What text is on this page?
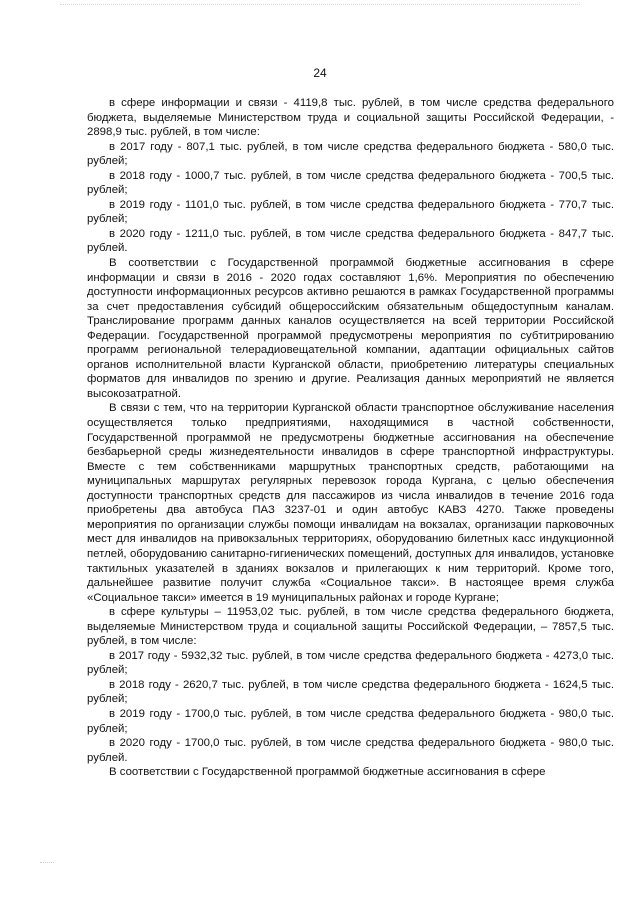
24

в сфере информации и связи - 4119,8 тыс. рублей, в том числе средства федерального бюджета, выделяемые Министерством труда и социальной защиты Российской Федерации, - 2898,9 тыс. рублей, в том числе:

в 2017 году - 807,1 тыс. рублей, в том числе средства федерального бюджета - 580,0 тыс. рублей;

в 2018 году - 1000,7 тыс. рублей, в том числе средства федерального бюджета - 700,5 тыс. рублей;

в 2019 году - 1101,0 тыс. рублей, в том числе средства федерального бюджета - 770,7 тыс. рублей;

в 2020 году - 1211,0 тыс. рублей, в том числе средства федерального бюджета - 847,7 тыс. рублей.

В соответствии с Государственной программой бюджетные ассигнования в сфере информации и связи в 2016 - 2020 годах составляют 1,6%. Мероприятия по обеспечению доступности информационных ресурсов активно решаются в рамках Государственной программы за счет предоставления субсидий общероссийским обязательным общедоступным каналам. Транслирование программ данных каналов осуществляется на всей территории Российской Федерации. Государственной программой предусмотрены мероприятия по субтитрированию программ региональной телерадиовещательной компании, адаптации официальных сайтов органов исполнительной власти Курганской области, приобретению литературы специальных форматов для инвалидов по зрению и другие. Реализация данных мероприятий не является высокозатратной.

В связи с тем, что на территории Курганской области транспортное обслуживание населения осуществляется только предприятиями, находящимися в частной собственности, Государственной программой не предусмотрены бюджетные ассигнования на обеспечение безбарьерной среды жизнедеятельности инвалидов в сфере транспортной инфраструктуры. Вместе с тем собственниками маршрутных транспортных средств, работающими на муниципальных маршрутах регулярных перевозок города Кургана, с целью обеспечения доступности транспортных средств для пассажиров из числа инвалидов в течение 2016 года приобретены два автобуса ПАЗ 3237-01 и один автобус КАВЗ 4270. Также проведены мероприятия по организации службы помощи инвалидам на вокзалах, организации парковочных мест для инвалидов на привокзальных территориях, оборудованию билетных касс индукционной петлей, оборудованию санитарно-гигиенических помещений, доступных для инвалидов, установке тактильных указателей в зданиях вокзалов и прилегающих к ним территорий. Кроме того, дальнейшее развитие получит служба «Социальное такси». В настоящее время служба «Социальное такси» имеется в 19 муниципальных районах и городе Кургане;

в сфере культуры – 11953,02 тыс. рублей, в том числе средства федерального бюджета, выделяемые Министерством труда и социальной защиты Российской Федерации, – 7857,5 тыс. рублей, в том числе:

в 2017 году - 5932,32 тыс. рублей, в том числе средства федерального бюджета - 4273,0 тыс. рублей;

в 2018 году - 2620,7 тыс. рублей, в том числе средства федерального бюджета - 1624,5 тыс. рублей;

в 2019 году - 1700,0 тыс. рублей, в том числе средства федерального бюджета - 980,0 тыс. рублей;

в 2020 году - 1700,0 тыс. рублей, в том числе средства федерального бюджета - 980,0 тыс. рублей.

В соответствии с Государственной программой бюджетные ассигнования в сфере
